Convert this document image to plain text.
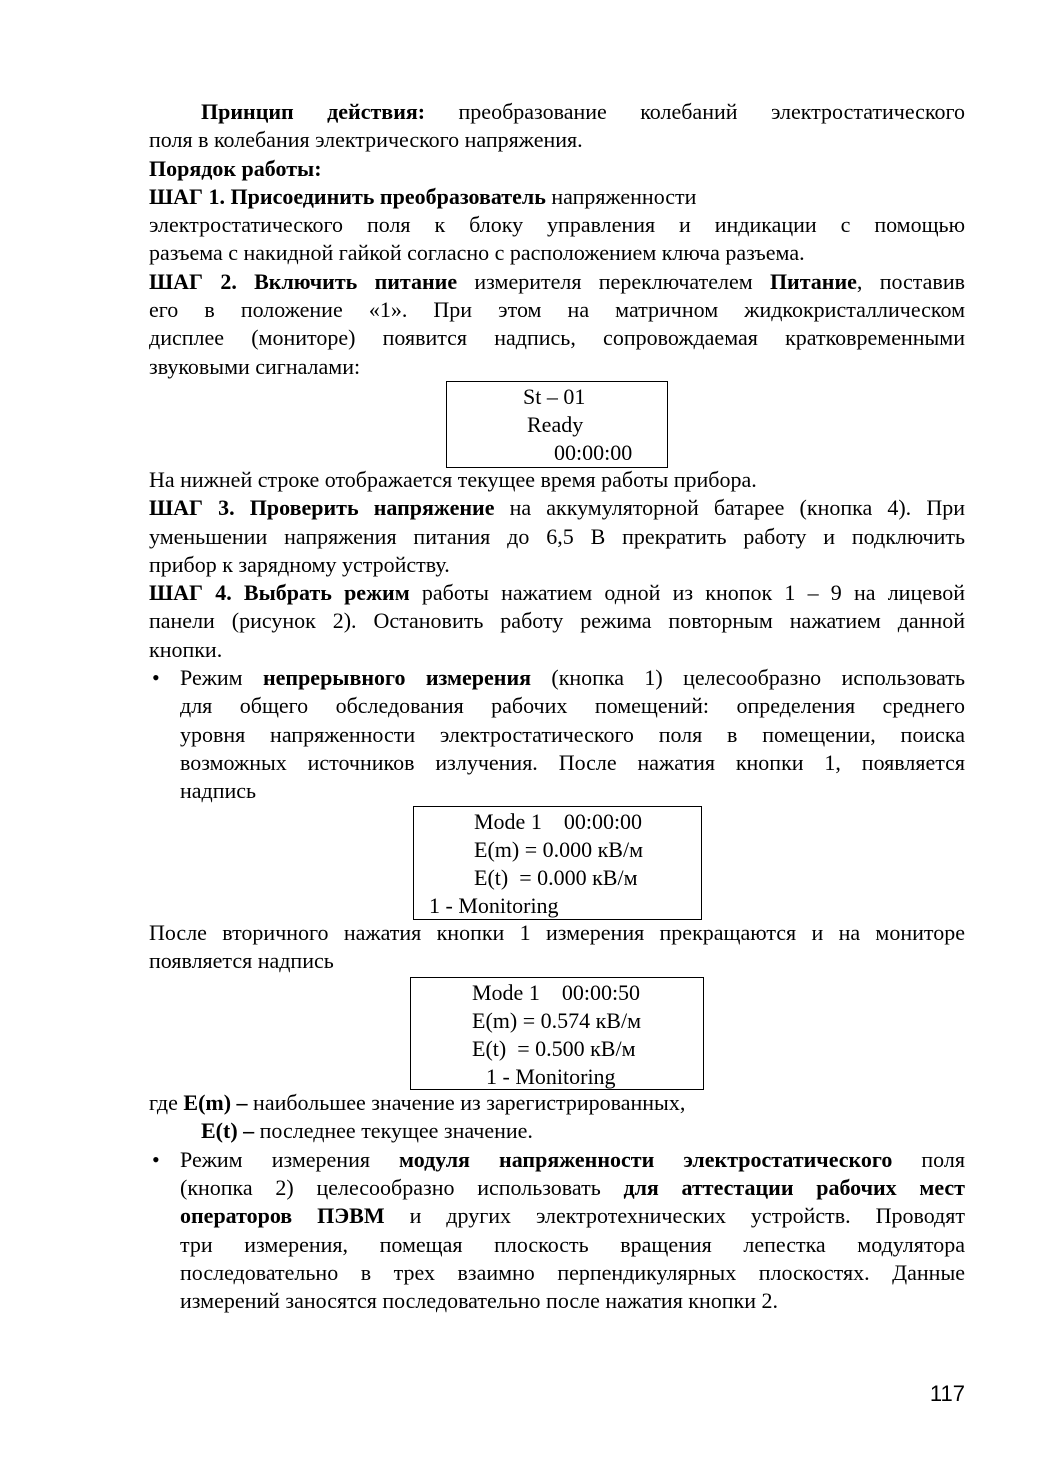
Принцип действия: преобразование колебаний электростатического
поля в колебания электрического напряжения.
Порядок работы:
ШАГ 1. Присоединить преобразователь напряженности
электростатического поля к блоку управления и индикации с помощью
разъема с накидной гайкой согласно с расположением ключа разъема.
ШАГ 2. Включить питание измерителя переключателем Питание, поставив
его в положение «1». При этом на матричном жидкокристаллическом
дисплее (мониторе) появится надпись, сопровождаемая кратковременными
звуковыми сигналами:
На нижней строке отображается текущее время работы прибора.
ШАГ 3. Проверить напряжение на аккумуляторной батарее (кнопка 4). При
уменьшении напряжения питания до 6,5 В прекратить работу и подключить
прибор к зарядному устройству.
ШАГ 4. Выбрать режим работы нажатием одной из кнопок 1 – 9 на лицевой
панели (рисунок 2). Остановить работу режима повторным нажатием данной
кнопки.
• Режим непрерывного измерения (кнопка 1) целесообразно использовать
для общего обследования рабочих помещений: определения среднего
уровня напряженности электростатического поля в помещении, поиска
возможных источников излучения. После нажатия кнопки 1, появляется
надпись
После вторичного нажатия кнопки 1 измерения прекращаются и на мониторе
появляется надпись
где E(m) – наибольшее значение из зарегистрированных,
E(t) – последнее текущее значение.
• Режим измерения модуля напряженности электростатического поля
(кнопка 2) целесообразно использовать для аттестации рабочих мест
операторов ПЭВМ и других электротехнических устройств. Проводят
три измерения, помещая плоскость вращения лепестка модулятора
последовательно в трех взаимно перпендикулярных плоскостях. Данные
измерений заносятся последовательно после нажатия кнопки 2.
St – 01
Ready
00:00:00
Mode 1    00:00:00
E(m) = 0.000 кВ/м
E(t)  = 0.000 кВ/м
1 - Monitoring
Mode 1    00:00:50
E(m) = 0.574 кВ/м
E(t)  = 0.500 кВ/м
1 - Monitoring
117
